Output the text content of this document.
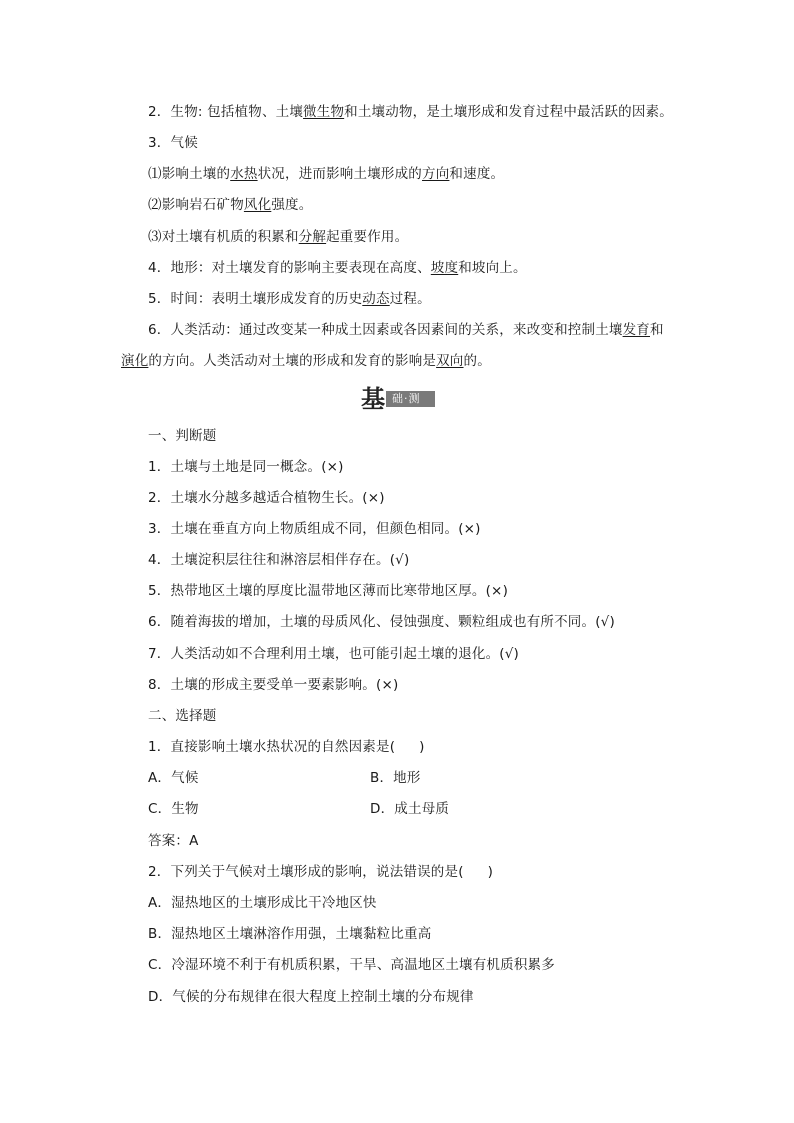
2．生物: 包括植物、土壤微生物和土壤动物，是土壤形成和发育过程中最活跃的因素。
3．气候
⑴影响土壤的水热状况，进而影响土壤形成的方向和速度。
⑵影响岩石矿物风化强度。
⑶对土壤有机质的积累和分解起重要作用。
4．地形：对土壤发育的影响主要表现在高度、坡度和坡向上。
5．时间：表明土壤形成发育的历史动态过程。
6．人类活动：通过改变某一种成土因素或各因素间的关系，来改变和控制土壤发育和
演化的方向。人类活动对土壤的形成和发育的影响是双向的。
基 础·测评
一、判断题
1．土壤与土地是同一概念。(×)
2．土壤水分越多越适合植物生长。(×)
3．土壤在垂直方向上物质组成不同，但颜色相同。(×)
4．土壤淀积层往往和淋溶层相伴存在。(√)
5．热带地区土壤的厚度比温带地区薄而比寒带地区厚。(×)
6．随着海拔的增加，土壤的母质风化、侵蚀强度、颗粒组成也有所不同。(√)
7．人类活动如不合理利用土壤，也可能引起土壤的退化。(√)
8．土壤的形成主要受单一要素影响。(×)
二、选择题
1．直接影响土壤水热状况的自然因素是( )
A．气候	B．地形
C．生物	D．成土母质
答案：A
2．下列关于气候对土壤形成的影响，说法错误的是( )
A．湿热地区的土壤形成比干冷地区快
B．湿热地区土壤淋溶作用强，土壤黏粒比重高
C．冷湿环境不利于有机质积累，干旱、高温地区土壤有机质积累多
D．气候的分布规律在很大程度上控制土壤的分布规律
